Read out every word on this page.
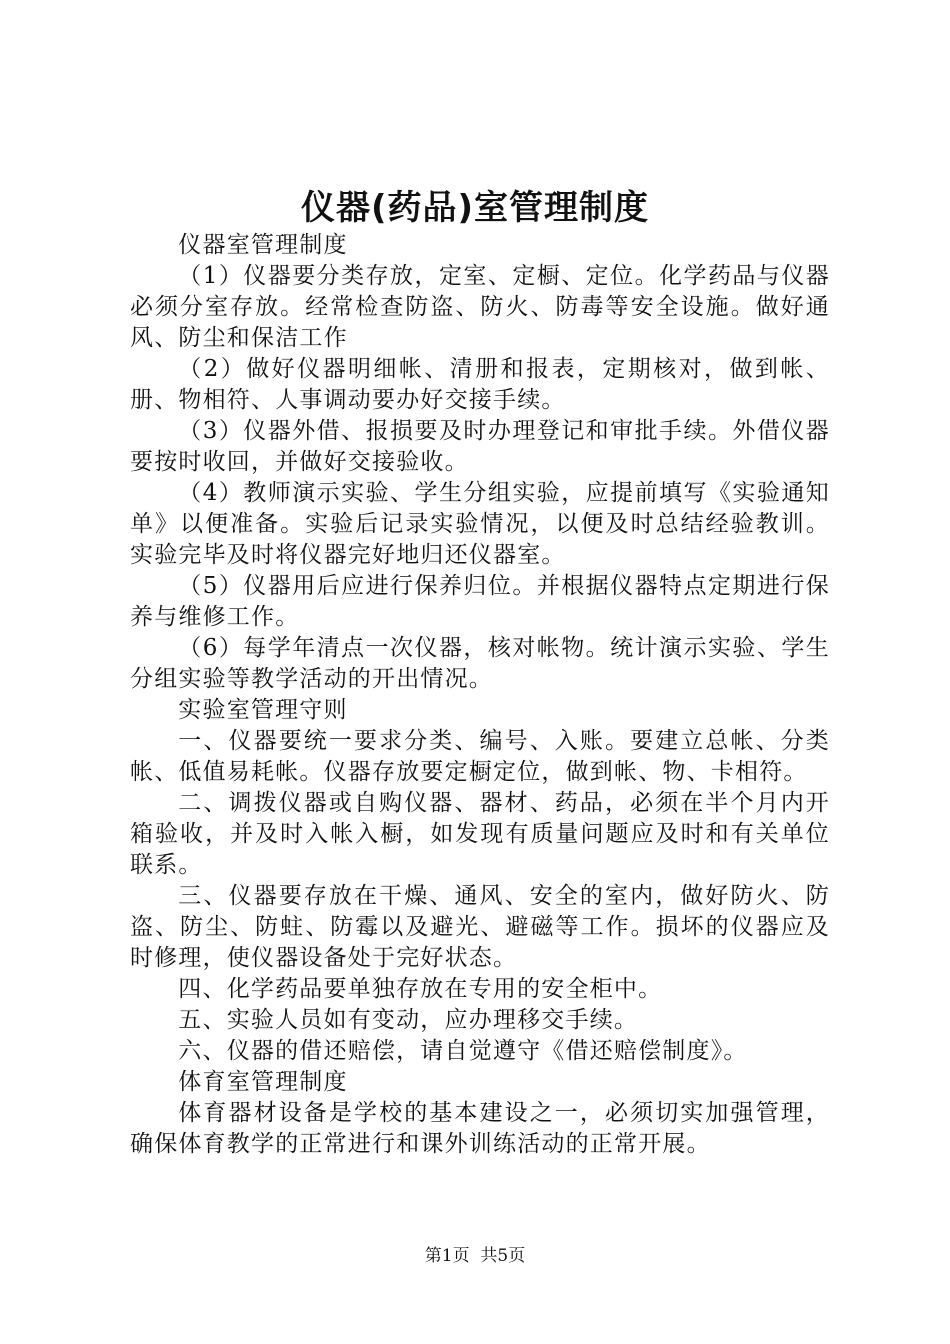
仪器(药品)室管理制度

仪器室管理制度

（1）仪器要分类存放，定室、定橱、定位。化学药品与仪器必须分室存放。经常检查防盗、防火、防毒等安全设施。做好通风、防尘和保洁工作

（2）做好仪器明细帐、清册和报表，定期核对，做到帐、册、物相符、人事调动要办好交接手续。

（3）仪器外借、报损要及时办理登记和审批手续。外借仪器要按时收回，并做好交接验收。

（4）教师演示实验、学生分组实验，应提前填写《实验通知单》以便准备。实验后记录实验情况，以便及时总结经验教训。实验完毕及时将仪器完好地归还仪器室。

（5）仪器用后应进行保养归位。并根据仪器特点定期进行保养与维修工作。

（6）每学年清点一次仪器，核对帐物。统计演示实验、学生分组实验等教学活动的开出情况。

实验室管理守则

一、仪器要统一要求分类、编号、入账。要建立总帐、分类帐、低值易耗帐。仪器存放要定橱定位，做到帐、物、卡相符。

二、调拨仪器或自购仪器、器材、药品，必须在半个月内开箱验收，并及时入帐入橱，如发现有质量问题应及时和有关单位联系。

三、仪器要存放在干燥、通风、安全的室内，做好防火、防盗、防尘、防蛀、防霉以及避光、避磁等工作。损坏的仪器应及时修理，使仪器设备处于完好状态。

四、化学药品要单独存放在专用的安全柜中。

五、实验人员如有变动，应办理移交手续。

六、仪器的借还赔偿，请自觉遵守《借还赔偿制度》。

体育室管理制度

体育器材设备是学校的基本建设之一，必须切实加强管理，确保体育教学的正常进行和课外训练活动的正常开展。

第1页 共5页
